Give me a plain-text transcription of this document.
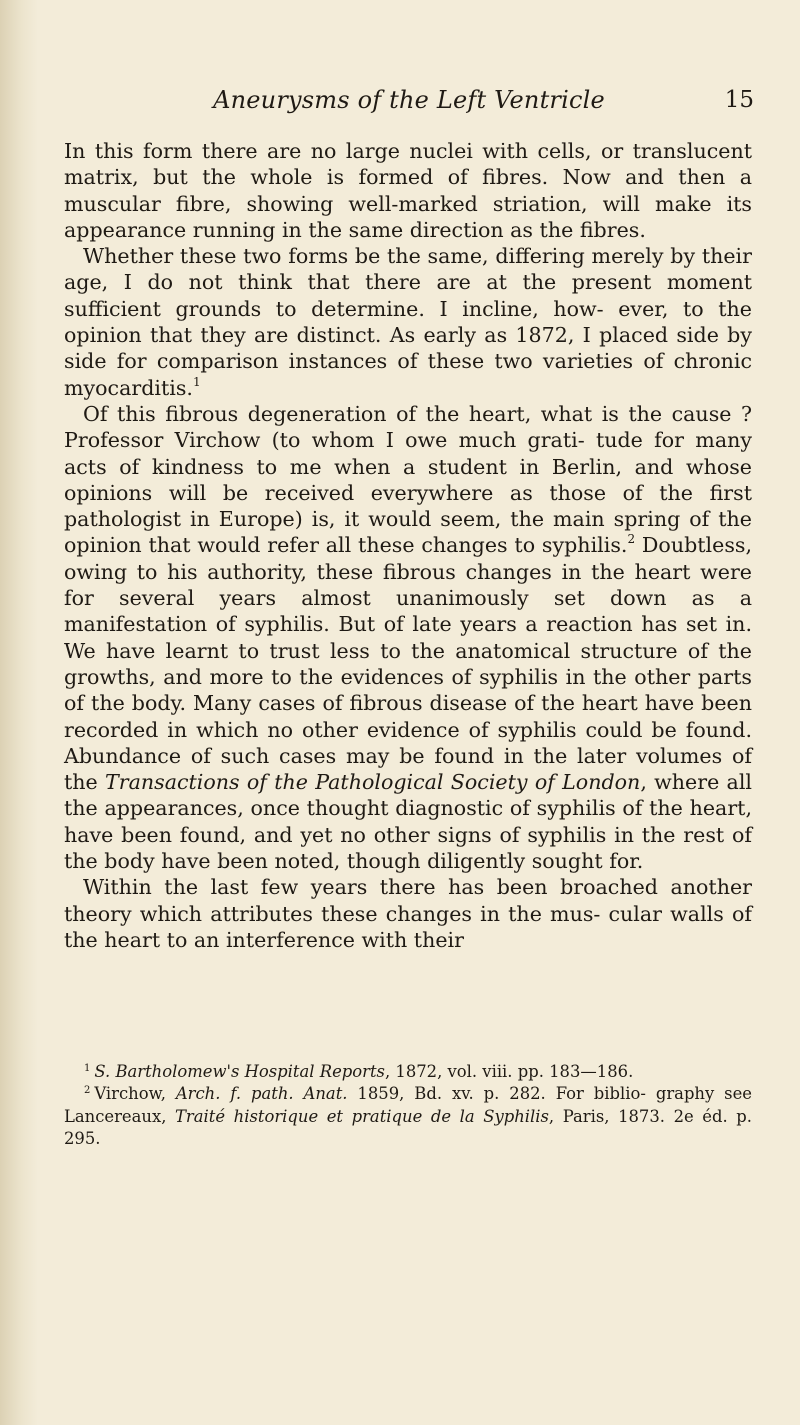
Aneurysms of the Left Ventricle	15

In this form there are no large nuclei with cells, or translucent matrix, but the whole is formed of fibres. Now and then a muscular fibre, showing well-marked striation, will make its appearance running in the same direction as the fibres.

Whether these two forms be the same, differing merely by their age, I do not think that there are at the present moment sufficient grounds to determine. I incline, how- ever, to the opinion that they are distinct. As early as 1872, I placed side by side for comparison instances of these two varieties of chronic myocarditis.$^1$

Of this fibrous degeneration of the heart, what is the cause ? Professor Virchow (to whom I owe much grati- tude for many acts of kindness to me when a student in Berlin, and whose opinions will be received everywhere as those of the first pathologist in Europe) is, it would seem, the main spring of the opinion that would refer all these changes to syphilis.$^2$ Doubtless, owing to his authority, these fibrous changes in the heart were for several years almost unanimously set down as a manifestation of syphilis. But of late years a reaction has set in. We have learnt to trust less to the anatomical structure of the growths, and more to the evidences of syphilis in the other parts of the body. Many cases of fibrous disease of the heart have been recorded in which no other evidence of syphilis could be found. Abundance of such cases may be found in the later volumes of the Transactions of the Pathological Society of London, where all the appearances, once thought diagnostic of syphilis of the heart, have been found, and yet no other signs of syphilis in the rest of the body have been noted, though diligently sought for.

Within the last few years there has been broached another theory which attributes these changes in the mus- cular walls of the heart to an interference with their

$^1$ S. Bartholomew's Hospital Reports, 1872, vol. viii. pp. 183—186.

$^2$ Virchow, Arch. f. path. Anat. 1859, Bd. xv. p. 282. For biblio- graphy see Lancereaux, Traité historique et pratique de la Syphilis, Paris, 1873. 2e éd. p. 295.
